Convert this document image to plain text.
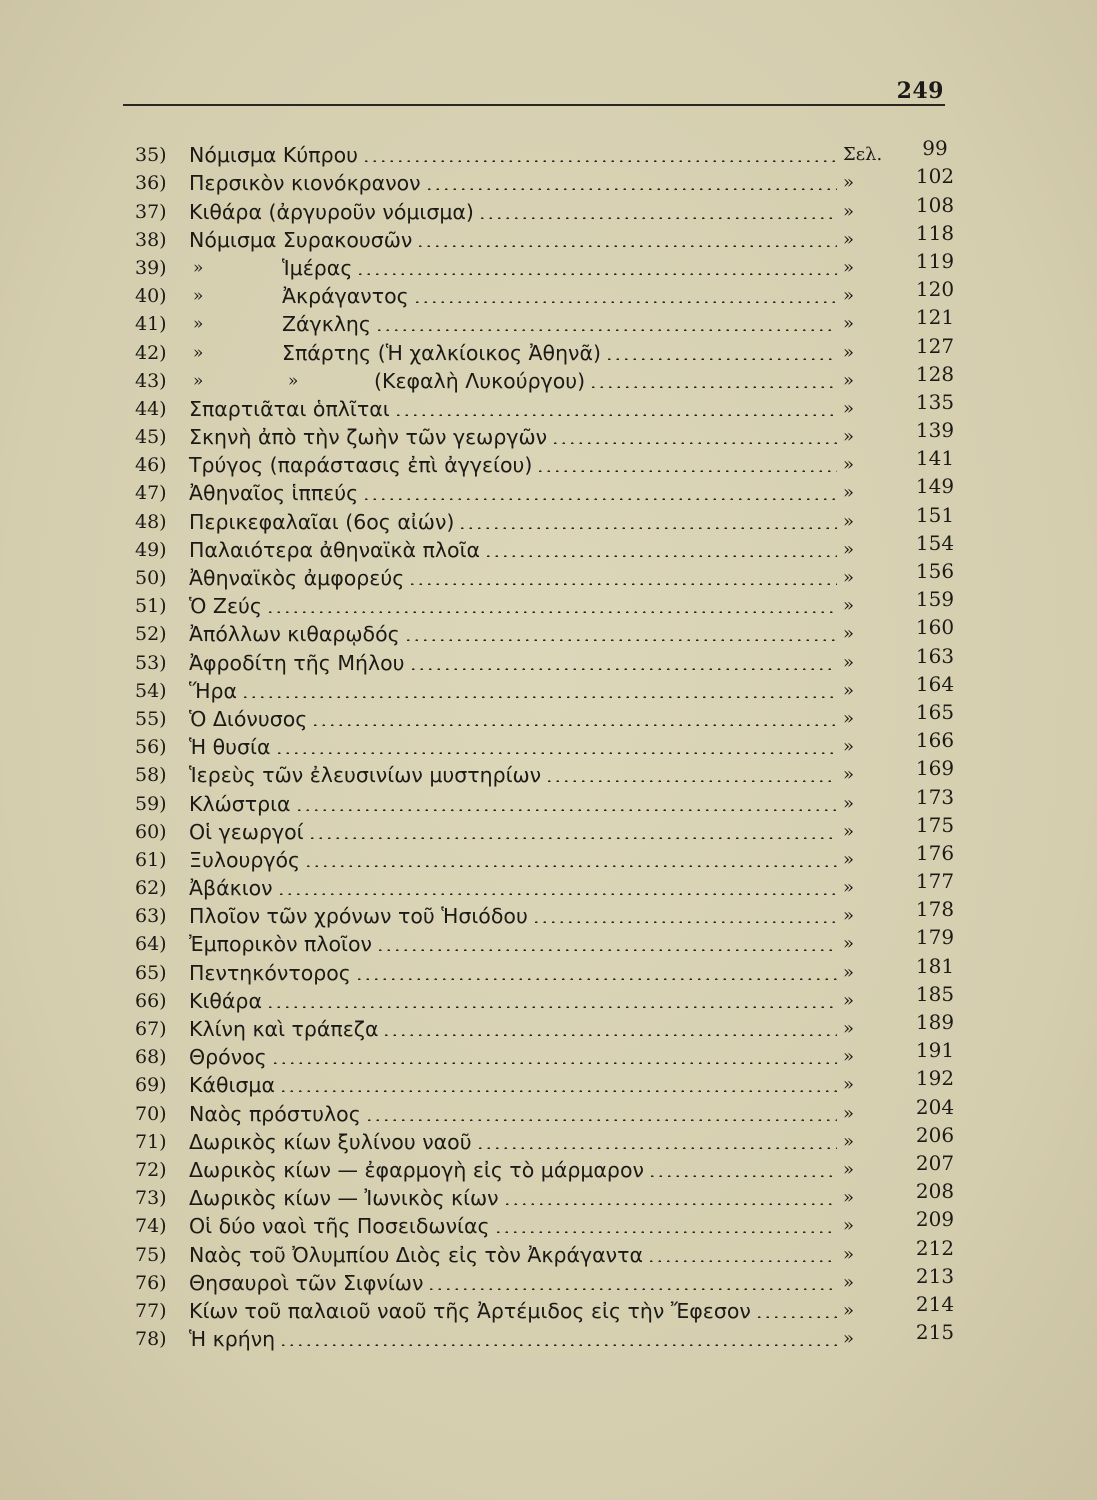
249
35)	Νόμισμα Κύπρου	Σελ.	99
36)	Περσικὸν κιονόκρανον	»	102
37)	Κιθάρα (ἀργυροῦν νόμισμα)	»	108
38)	Νόμισμα Συρακουσῶν	»	118
39)	»	Ἱμέρας	»	119
40)	»	Ἀκράγαντος	»	120
41)	»	Ζάγκλης	»	121
42)	»	Σπάρτης (Ἡ χαλκίοικος Ἀθηνᾶ)	»	127
43)	»	»	(Κεφαλὴ Λυκούργου)	»	128
44)	Σπαρτιᾶται ὁπλῖται	»	135
45)	Σκηνὴ ἀπὸ τὴν ζωὴν τῶν γεωργῶν	»	139
46)	Τρύγος (παράστασις ἐπὶ ἀγγείου)	»	141
47)	Ἀθηναῖος ἱππεύς	»	149
48)	Περικεφαλαῖαι (6ος αἰών)	»	151
49)	Παλαιότερα ἀθηναϊκὰ πλοῖα	»	154
50)	Ἀθηναϊκὸς ἀμφορεύς	»	156
51)	Ὁ Ζεύς	»	159
52)	Ἀπόλλων κιθαρῳδός	»	160
53)	Ἀφροδίτη τῆς Μήλου	»	163
54)	Ἥρα	»	164
55)	Ὁ Διόνυσος	»	165
56)	Ἡ θυσία	»	166
58)	Ἱερεὺς τῶν ἐλευσινίων μυστηρίων	»	169
59)	Κλώστρια	»	173
60)	Οἱ γεωργοί	»	175
61)	Ξυλουργός	»	176
62)	Ἀβάκιον	»	177
63)	Πλοῖον τῶν χρόνων τοῦ Ἡσιόδου	»	178
64)	Ἐμπορικὸν πλοῖον	»	179
65)	Πεντηκόντορος	»	181
66)	Κιθάρα	»	185
67)	Κλίνη καὶ τράπεζα	»	189
68)	Θρόνος	»	191
69)	Κάθισμα	»	192
70)	Ναὸς πρόστυλος	»	204
71)	Δωρικὸς κίων ξυλίνου ναοῦ	»	206
72)	Δωρικὸς κίων — ἐφαρμογὴ εἰς τὸ μάρμαρον	»	207
73)	Δωρικὸς κίων — Ἰωνικὸς κίων	»	208
74)	Οἱ δύο ναοὶ τῆς Ποσειδωνίας	»	209
75)	Ναὸς τοῦ Ὀλυμπίου Διὸς εἰς τὸν Ἀκράγαντα	»	212
76)	Θησαυροὶ τῶν Σιφνίων	»	213
77)	Κίων τοῦ παλαιοῦ ναοῦ τῆς Ἀρτέμιδος εἰς τὴν Ἔφεσον	»	214
78)	Ἡ κρήνη	»	215
